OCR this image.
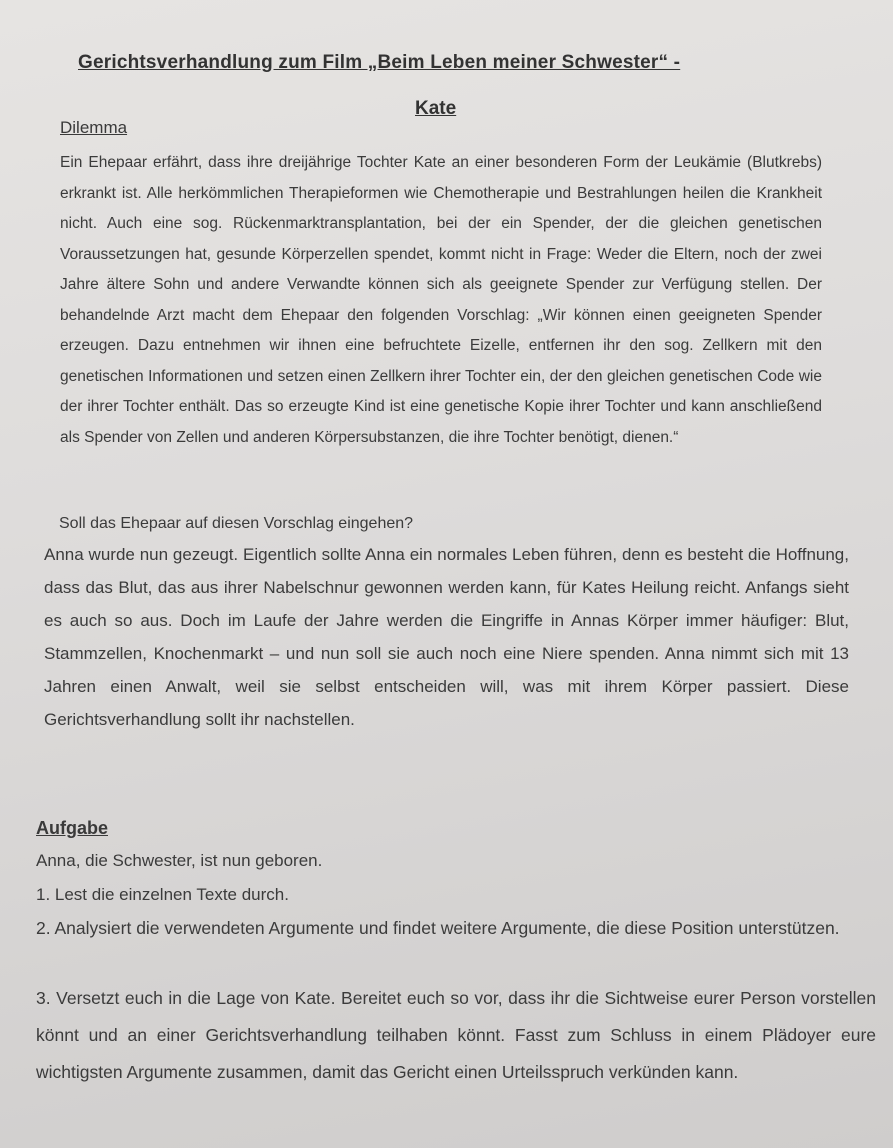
Gerichtsverhandlung zum Film „Beim Leben meiner Schwester“ -
Kate
Dilemma
Ein Ehepaar erfährt, dass ihre dreijährige Tochter Kate an einer besonderen Form der Leukämie (Blutkrebs) erkrankt ist. Alle herkömmlichen Therapieformen wie Chemotherapie und Bestrahlungen heilen die Krankheit nicht. Auch eine sog. Rückenmarktransplantation, bei der ein Spender, der die gleichen genetischen Voraussetzungen hat, gesunde Körperzellen spendet, kommt nicht in Frage: Weder die Eltern, noch der zwei Jahre ältere Sohn und andere Verwandte können sich als geeignete Spender zur Verfügung stellen. Der behandelnde Arzt macht dem Ehepaar den folgenden Vorschlag: „Wir können einen geeigneten Spender erzeugen. Dazu entnehmen wir ihnen eine befruchtete Eizelle, entfernen ihr den sog. Zellkern mit den genetischen Informationen und setzen einen Zellkern ihrer Tochter ein, der den gleichen genetischen Code wie der ihrer Tochter enthält. Das so erzeugte Kind ist eine genetische Kopie ihrer Tochter und kann anschließend als Spender von Zellen und anderen Körpersubstanzen, die ihre Tochter benötigt, dienen.“
Soll das Ehepaar auf diesen Vorschlag eingehen?
Anna wurde nun gezeugt. Eigentlich sollte Anna ein normales Leben führen, denn es besteht die Hoffnung, dass das Blut, das aus ihrer Nabelschnur gewonnen werden kann, für Kates Heilung reicht. Anfangs sieht es auch so aus. Doch im Laufe der Jahre werden die Eingriffe in Annas Körper immer häufiger: Blut, Stammzellen, Knochenmarkt – und nun soll sie auch noch eine Niere spenden. Anna nimmt sich mit 13 Jahren einen Anwalt, weil sie selbst entscheiden will, was mit ihrem Körper passiert. Diese Gerichtsverhandlung sollt ihr nachstellen.
Aufgabe
Anna, die Schwester, ist nun geboren.
1. Lest die einzelnen Texte durch.
2. Analysiert die verwendeten Argumente und findet weitere Argumente, die diese Position unterstützen.
3. Versetzt euch in die Lage von Kate. Bereitet euch so vor, dass ihr die Sichtweise eurer Person vorstellen könnt und an einer Gerichtsverhandlung teilhaben könnt. Fasst zum Schluss in einem Plädoyer eure wichtigsten Argumente zusammen, damit das Gericht einen Urteilsspruch verkünden kann.
